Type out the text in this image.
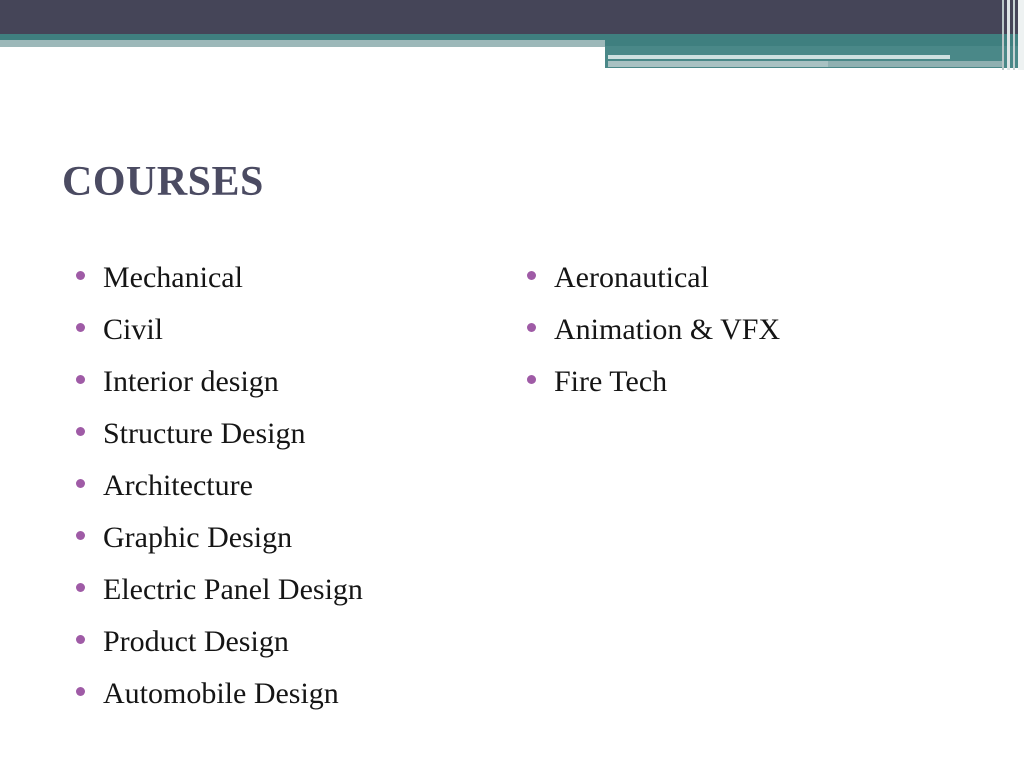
COURSES
Mechanical
Civil
Interior design
Structure Design
Architecture
Graphic Design
Electric Panel Design
Product Design
Automobile Design
Aeronautical
Animation & VFX
Fire Tech
